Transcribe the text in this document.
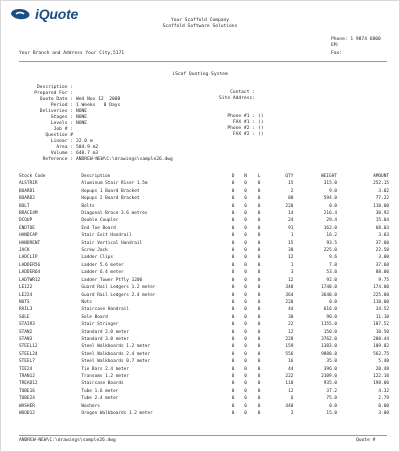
iQuote	Your Scaffold Company
Scaffold Software Solutions
Phone: 1 9874 6800
EM:
Your Branch and Address Your City,5171	Fax:
iScaf Quoting System
Description :
Prepared For :
Quote Date : Wed Nov 12  2008
Period : 1 Weeks   0 Days
Deliveries : NONE
Stages : NONE
Levels : NONE
Job # :
Question #
Linear : 22.0 m
Area : 504.9 m2
Volume : 640.7 m3
Reference : ANDREW-NEW\C:\drawings\sample26.dwg
Contact :
Site Address:
Phone #1 : ()
FAX #1 : ()
Phone #2 : ()
FAX #2 : ()
Stock Code	Description	D	N	L	QTY	WEIGHT	AMOUNT
ALSTRIR	Aluminum Stair Riser 1.5m	0	0	0	15	315.0	252.15
BOARD1	Hopups 1 Board Bracket	0	0	0	2	9.0	3.02
BOARD2	Hopups 2 Board Bracket	0	0	0	88	594.0	77.22
BOLT	Bolts	0	0	0	220	0.0	110.00
BRACE4M	Diagonal Brace 3.6 metres	0	0	0	14	216.4	30.92
DCOUP	Double Coupler	0	0	0	24	29.4	15.04
ENDTOE	End Toe Board	0	0	0	91	162.0	68.03
HANDCAP	Stair Exit Handrail	0	0	0	1	16.2	3.03
HANDRENT	Stair Vertical Handrail	0	0	0	15	93.5	37.00
JACK	Screw Jack	0	0	0	30	225.0	22.50
LADCLIP	Ladder Clips	0	0	0	12	9.6	3.00
LADDER56	Ladder 5.6 meter	0	0	0	1	7.0	37.60
LADDER64	Ladder 6.4 meter	0	0	0	3	53.0	88.00
LADTWR12	Ladder Tower Ptfly 1200	0	0	0	12	92.0	9.75
LE122	Guard Rail Ledgers 1.2 meter	0	0	0	348	1740.0	174.00
LE224	Guard Rail Ledgers 2.4 meter	0	0	0	364	3640.0	225.00
NUTS	Nuts	0	0	0	220	0.0	110.00
RAIL3	Staircase Handrail	0	0	0	44	616.0	34.52
SOLE	Sole Board	0	0	0	30	90.0	11.10
STAIR3	Stair Stringer	0	0	0	22	1155.0	107.52
STAN2	Standard 2.0 meter	0	0	0	12	150.0	10.50
STAN3	Standard 3.0 meter	0	0	0	228	3762.0	280.44
STEEL12	Steel Walkboards 1.2 meter	0	0	0	159	1383.0	109.02
STEEL24	Steel Walkboards 2.4 meter	0	0	0	556	9880.0	562.75
STEEL7	Steel Walkboards 0.7 meter	0	0	0	16	35.0	5.40
TIE24	Tie Bars 2.4 meter	0	0	0	44	396.0	20.48
TRAN12	Transoms 1.2 meter	0	0	0	222	2109.0	122.10
TREAD12	Staircase Boards	0	0	0	110	935.0	198.00
TUBE16	Tube 1.6 meter	0	0	0	12	37.2	4.32
TUBE24	Tube 2.4 meter	0	0	0	6	75.0	2.79
WASHER	Washers	0	0	0	440	0.0	0.00
WOOD12	Oregon Walkboards 1.2 meter	0	0	0	2	15.0	3.00
ANDREW-NEW\C:\drawings\sample26.dwg	Quote #
